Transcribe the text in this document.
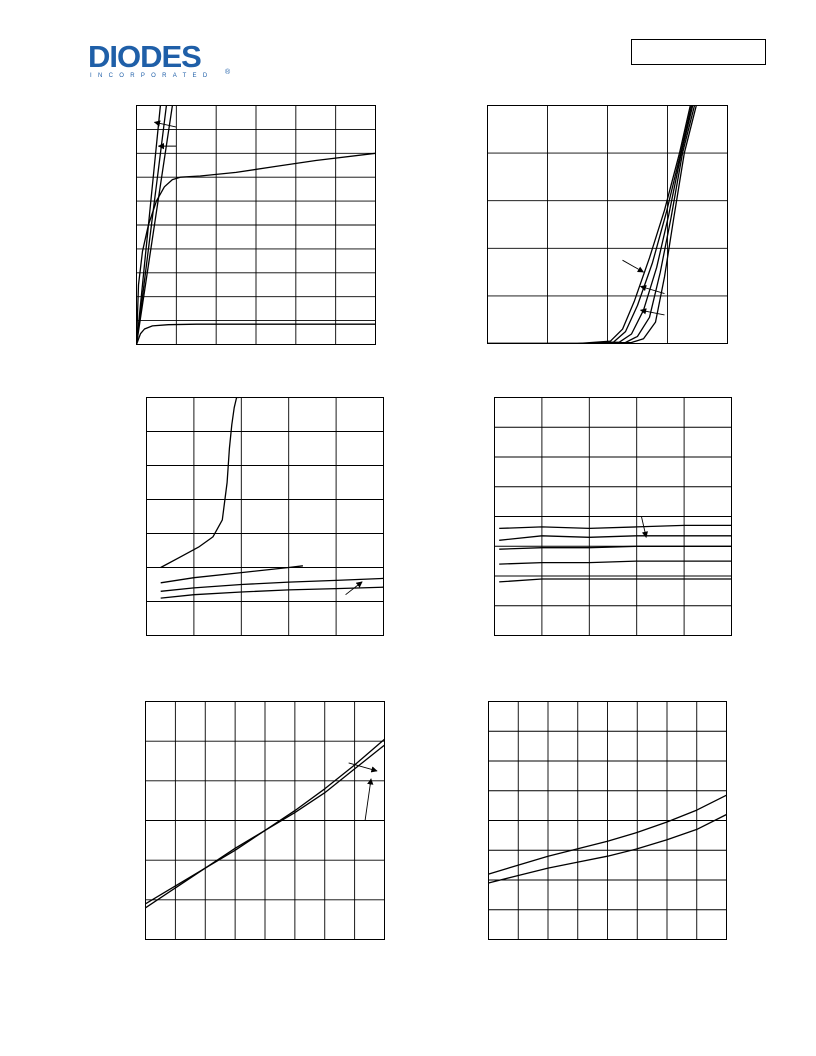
DIODES
INCORPORATED ®
